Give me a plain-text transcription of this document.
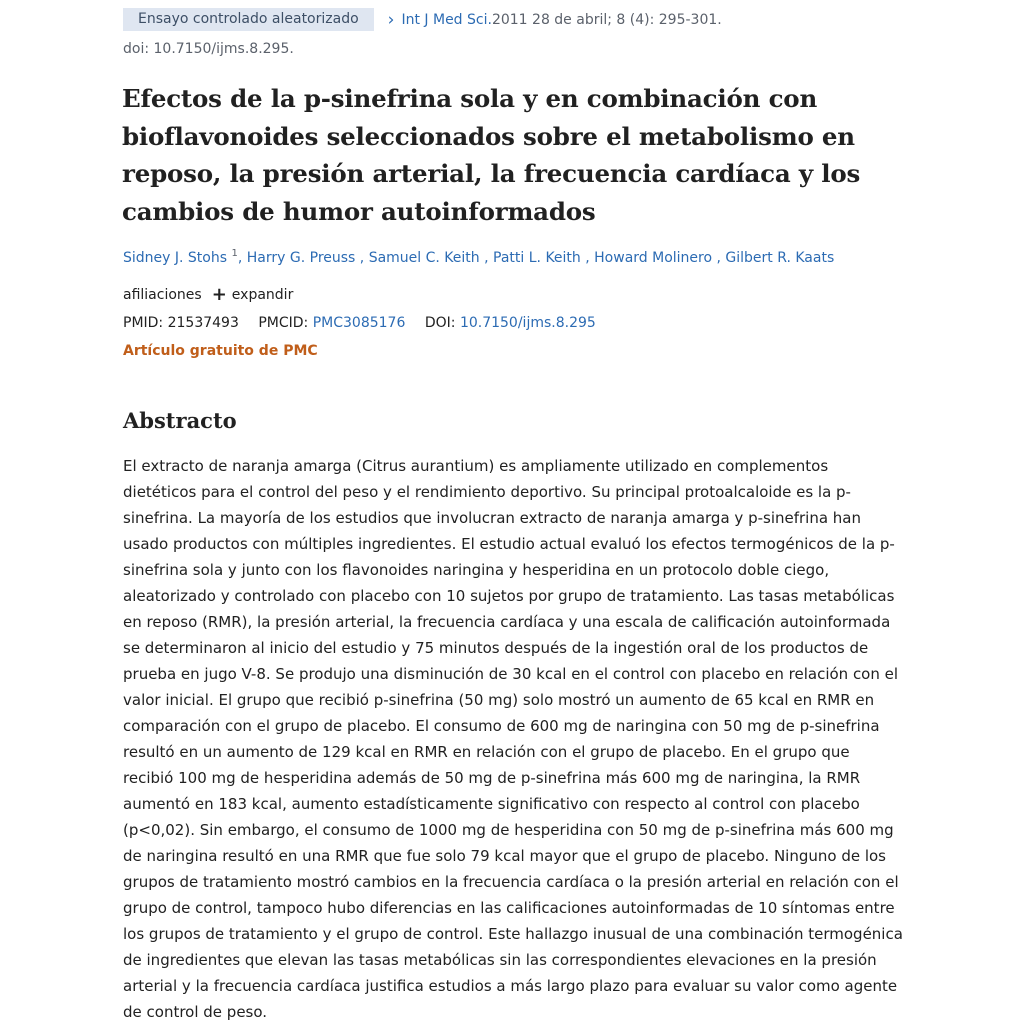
Ensayo controlado aleatorizado	› Int J Med Sci. 2011 28 de abril; 8 (4): 295-301.
doi: 10.7150/ijms.8.295.
Efectos de la p-sinefrina sola y en combinación con bioflavonoides seleccionados sobre el metabolismo en reposo, la presión arterial, la frecuencia cardíaca y los cambios de humor autoinformados
Sidney J. Stohs $^1$, Harry G. Preuss , Samuel C. Keith , Patti L. Keith , Howard Molinero , Gilbert R. Kaats
afiliaciones + expandir
PMID: 21537493 PMCID: PMC3085176 DOI: 10.7150/ijms.8.295
Artículo gratuito de PMC
Abstracto

El extracto de naranja amarga (Citrus aurantium) es ampliamente utilizado en complementos dietéticos para el control del peso y el rendimiento deportivo. Su principal protoalcaloide es la p-sinefrina. La mayoría de los estudios que involucran extracto de naranja amarga y p-sinefrina han usado productos con múltiples ingredientes. El estudio actual evaluó los efectos termogénicos de la p-sinefrina sola y junto con los flavonoides naringina y hesperidina en un protocolo doble ciego, aleatorizado y controlado con placebo con 10 sujetos por grupo de tratamiento. Las tasas metabólicas en reposo (RMR), la presión arterial, la frecuencia cardíaca y una escala de calificación autoinformada se determinaron al inicio del estudio y 75 minutos después de la ingestión oral de los productos de prueba en jugo V-8. Se produjo una disminución de 30 kcal en el control con placebo en relación con el valor inicial. El grupo que recibió p-sinefrina (50 mg) solo mostró un aumento de 65 kcal en RMR en comparación con el grupo de placebo. El consumo de 600 mg de naringina con 50 mg de p-sinefrina resultó en un aumento de 129 kcal en RMR en relación con el grupo de placebo. En el grupo que recibió 100 mg de hesperidina además de 50 mg de p-sinefrina más 600 mg de naringina, la RMR aumentó en 183 kcal, aumento estadísticamente significativo con respecto al control con placebo (p<0,02). Sin embargo, el consumo de 1000 mg de hesperidina con 50 mg de p-sinefrina más 600 mg de naringina resultó en una RMR que fue solo 79 kcal mayor que el grupo de placebo. Ninguno de los grupos de tratamiento mostró cambios en la frecuencia cardíaca o la presión arterial en relación con el grupo de control, tampoco hubo diferencias en las calificaciones autoinformadas de 10 síntomas entre los grupos de tratamiento y el grupo de control. Este hallazgo inusual de una combinación termogénica de ingredientes que elevan las tasas metabólicas sin las correspondientes elevaciones en la presión arterial y la frecuencia cardíaca justifica estudios a más largo plazo para evaluar su valor como agente de control de peso.
